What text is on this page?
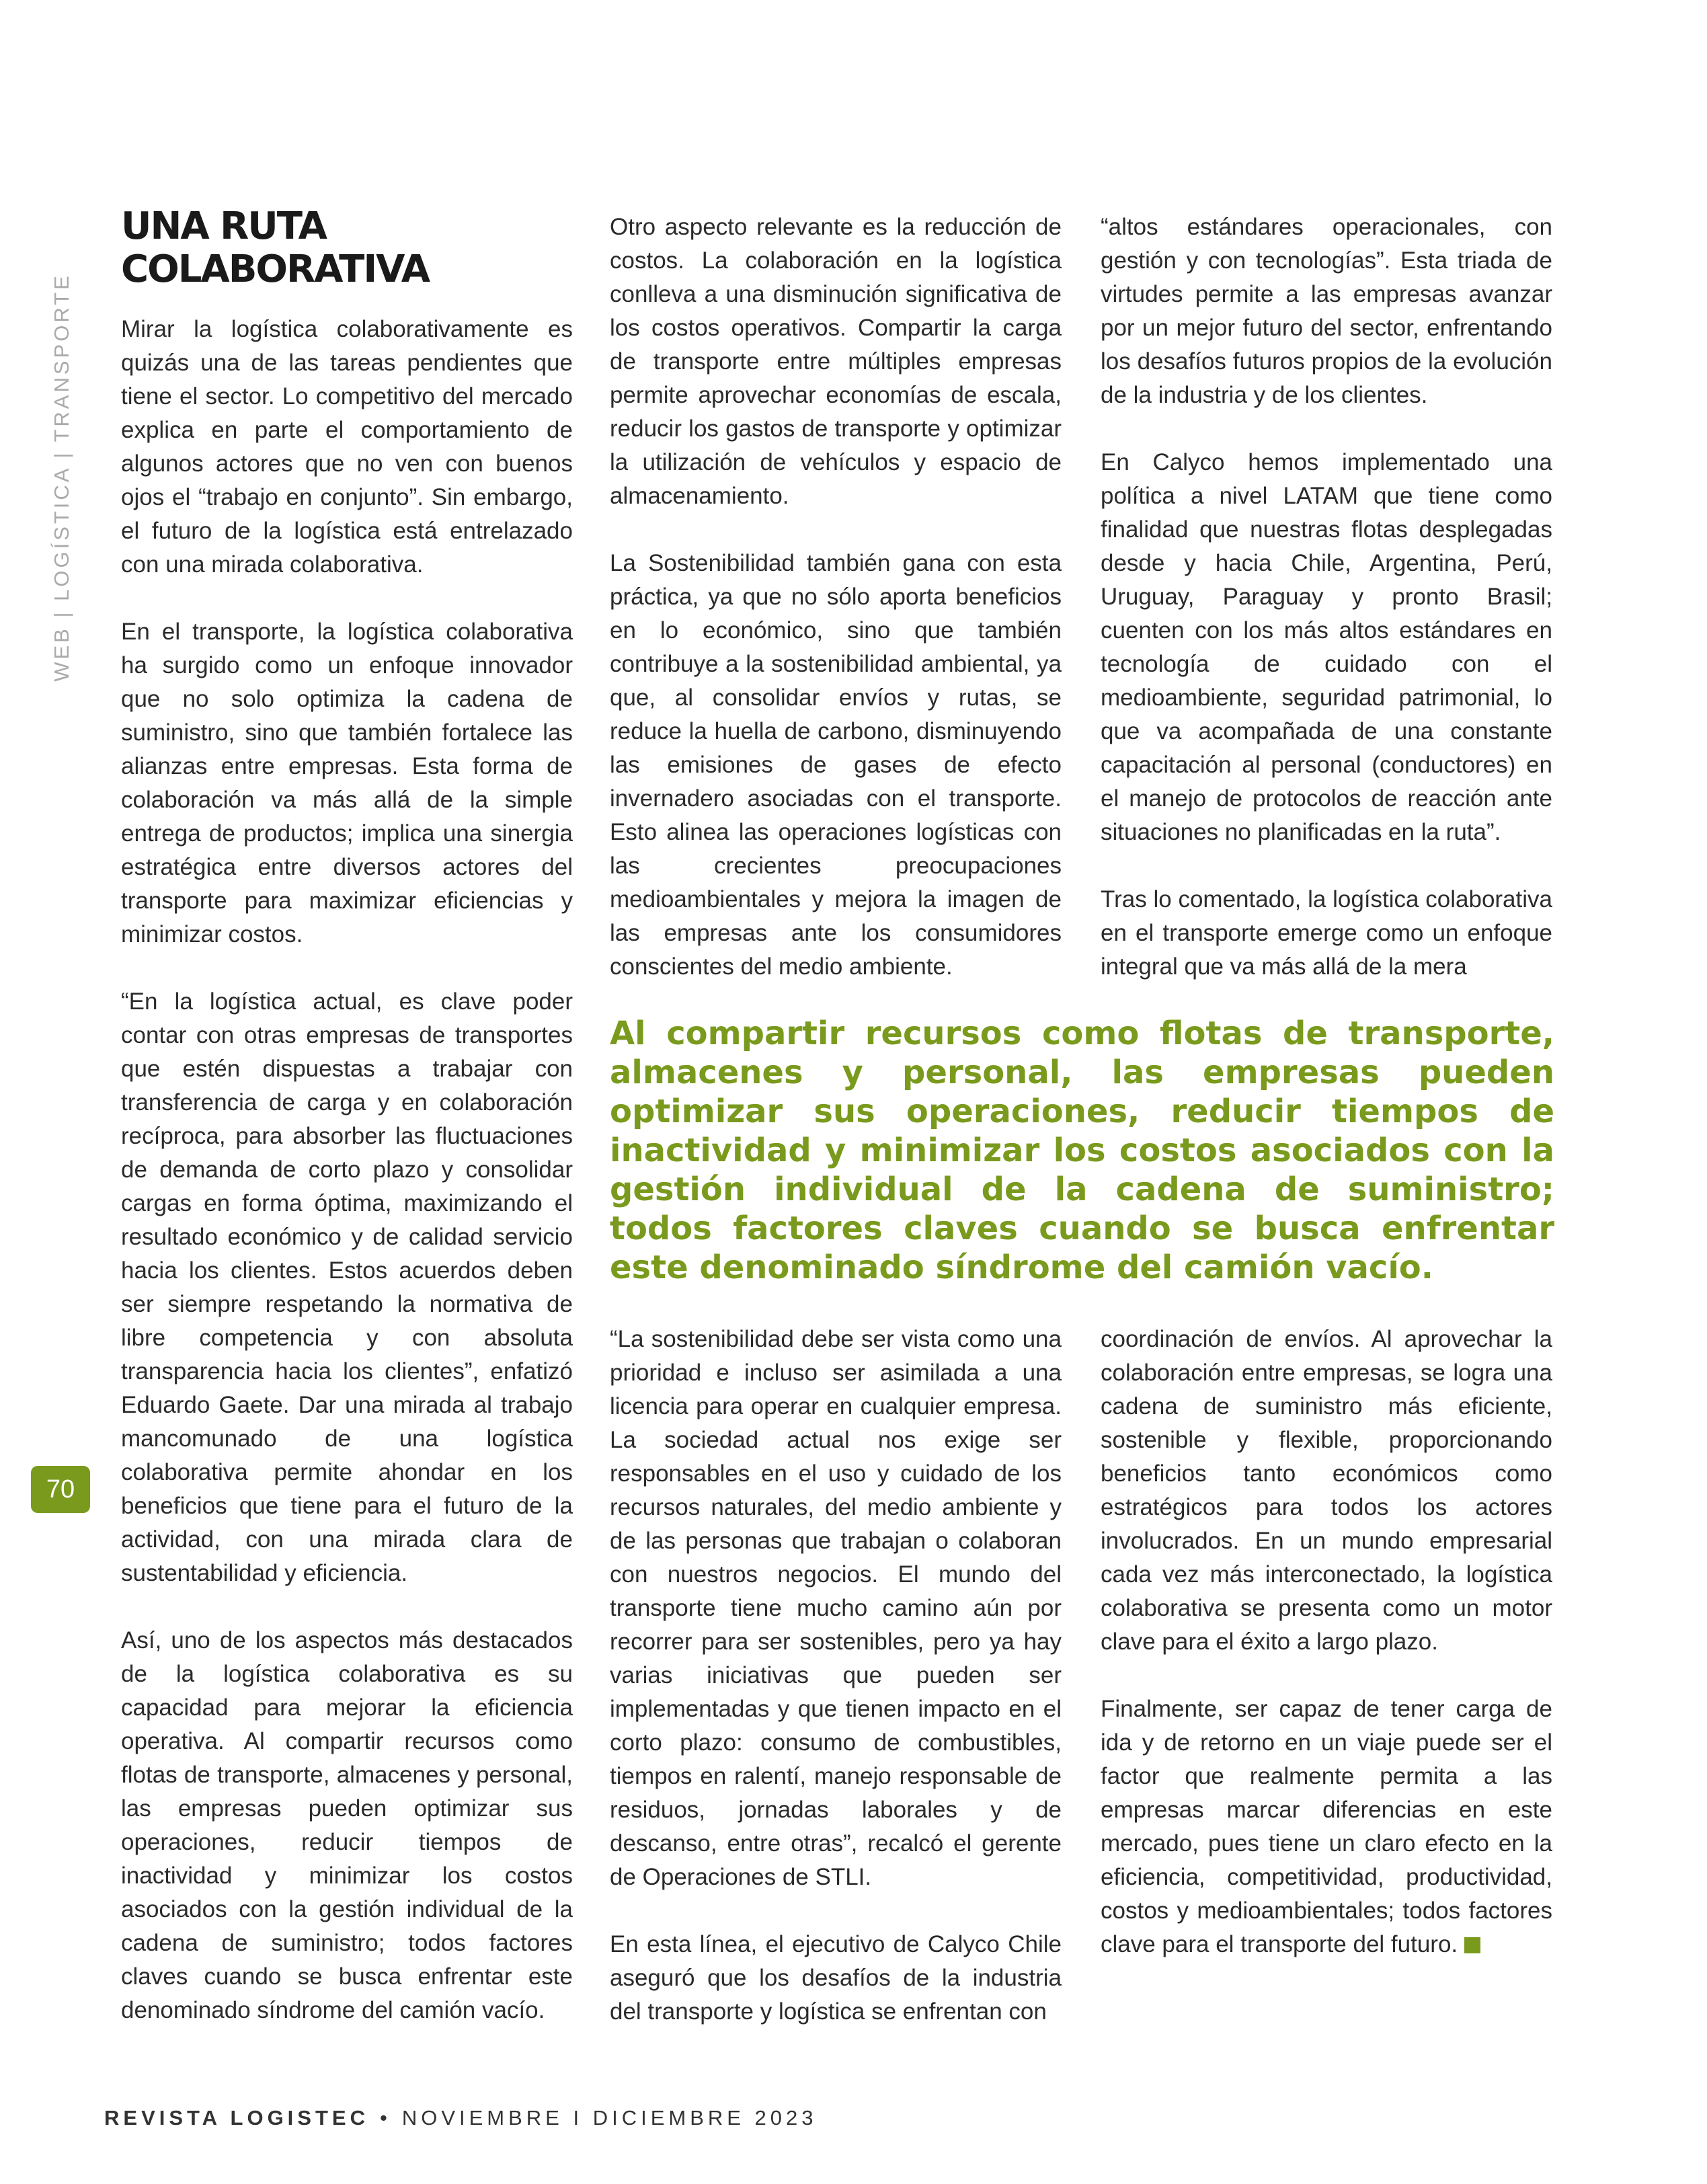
WEB | LOGÍSTICA | TRANSPORTE
70
UNA RUTA
COLABORATIVA

Mirar la logística colaborativamente es quizás una de las tareas pendientes que tiene el sector. Lo competitivo del mercado explica en parte el comportamiento de algunos actores que no ven con buenos ojos el “trabajo en conjunto”. Sin embargo, el futuro de la logística está entrelazado con una mirada colaborativa.

En el transporte, la logística colaborativa ha surgido como un enfoque innovador que no solo optimiza la cadena de suministro, sino que también fortalece las alianzas entre empresas. Esta forma de colaboración va más allá de la simple entrega de productos; implica una sinergia estratégica entre diversos actores del transporte para maximizar eficiencias y minimizar costos.

“En la logística actual, es clave poder contar con otras empresas de transportes que estén dispuestas a trabajar con transferencia de carga y en colaboración recíproca, para absorber las fluctuaciones de demanda de corto plazo y consolidar cargas en forma óptima, maximizando el resultado económico y de calidad servicio hacia los clientes. Estos acuerdos deben ser siempre respetando la normativa de libre competencia y con absoluta transparencia hacia los clientes”, enfatizó Eduardo Gaete. Dar una mirada al trabajo mancomunado de una logística colaborativa permite ahondar en los beneficios que tiene para el futuro de la actividad, con una mirada clara de sustentabilidad y eficiencia.

Así, uno de los aspectos más destacados de la logística colaborativa es su capacidad para mejorar la eficiencia operativa. Al compartir recursos como flotas de transporte, almacenes y personal, las empresas pueden optimizar sus operaciones, reducir tiempos de inactividad y minimizar los costos asociados con la gestión individual de la cadena de suministro; todos factores claves cuando se busca enfrentar este denominado síndrome del camión vacío.

Otro aspecto relevante es la reducción de costos. La colaboración en la logística conlleva a una disminución significativa de los costos operativos. Compartir la carga de transporte entre múltiples empresas permite aprovechar economías de escala, reducir los gastos de transporte y optimizar la utilización de vehículos y espacio de almacenamiento.

La Sostenibilidad también gana con esta práctica, ya que no sólo aporta beneficios en lo económico, sino que también contribuye a la sostenibilidad ambiental, ya que, al consolidar envíos y rutas, se reduce la huella de carbono, disminuyendo las emisiones de gases de efecto invernadero asociadas con el transporte. Esto alinea las operaciones logísticas con las crecientes preocupaciones medioambientales y mejora la imagen de las empresas ante los consumidores conscientes del medio ambiente.

“altos estándares operacionales, con gestión y con tecnologías”. Esta triada de virtudes permite a las empresas avanzar por un mejor futuro del sector, enfrentando los desafíos futuros propios de la evolución de la industria y de los clientes.

En Calyco hemos implementado una política a nivel LATAM que tiene como finalidad que nuestras flotas desplegadas desde y hacia Chile, Argentina, Perú, Uruguay, Paraguay y pronto Brasil; cuenten con los más altos estándares en tecnología de cuidado con el medioambiente, seguridad patrimonial, lo que va acompañada de una constante capacitación al personal (conductores) en el manejo de protocolos de reacción ante situaciones no planificadas en la ruta”.

Tras lo comentado, la logística colaborativa en el transporte emerge como un enfoque integral que va más allá de la mera

Al compartir recursos como flotas de transporte, almacenes y personal, las empresas pueden optimizar sus operaciones, reducir tiempos de inactividad y minimizar los costos asociados con la gestión individual de la cadena de suministro; todos factores claves cuando se busca enfrentar este denominado síndrome del camión vacío.

“La sostenibilidad debe ser vista como una prioridad e incluso ser asimilada a una licencia para operar en cualquier empresa. La sociedad actual nos exige ser responsables en el uso y cuidado de los recursos naturales, del medio ambiente y de las personas que trabajan o colaboran con nuestros negocios. El mundo del transporte tiene mucho camino aún por recorrer para ser sostenibles, pero ya hay varias iniciativas que pueden ser implementadas y que tienen impacto en el corto plazo: consumo de combustibles, tiempos en ralentí, manejo responsable de residuos, jornadas laborales y de descanso, entre otras”, recalcó el gerente de Operaciones de STLI.

En esta línea, el ejecutivo de Calyco Chile aseguró que los desafíos de la industria del transporte y logística se enfrentan con

coordinación de envíos. Al aprovechar la colaboración entre empresas, se logra una cadena de suministro más eficiente, sostenible y flexible, proporcionando beneficios tanto económicos como estratégicos para todos los actores involucrados. En un mundo empresarial cada vez más interconectado, la logística colaborativa se presenta como un motor clave para el éxito a largo plazo.

Finalmente, ser capaz de tener carga de ida y de retorno en un viaje puede ser el factor que realmente permita a las empresas marcar diferencias en este mercado, pues tiene un claro efecto en la eficiencia, competitividad, productividad, costos y medioambientales; todos factores clave para el transporte del futuro.

REVISTA LOGISTEC • NOVIEMBRE I DICIEMBRE 2023
